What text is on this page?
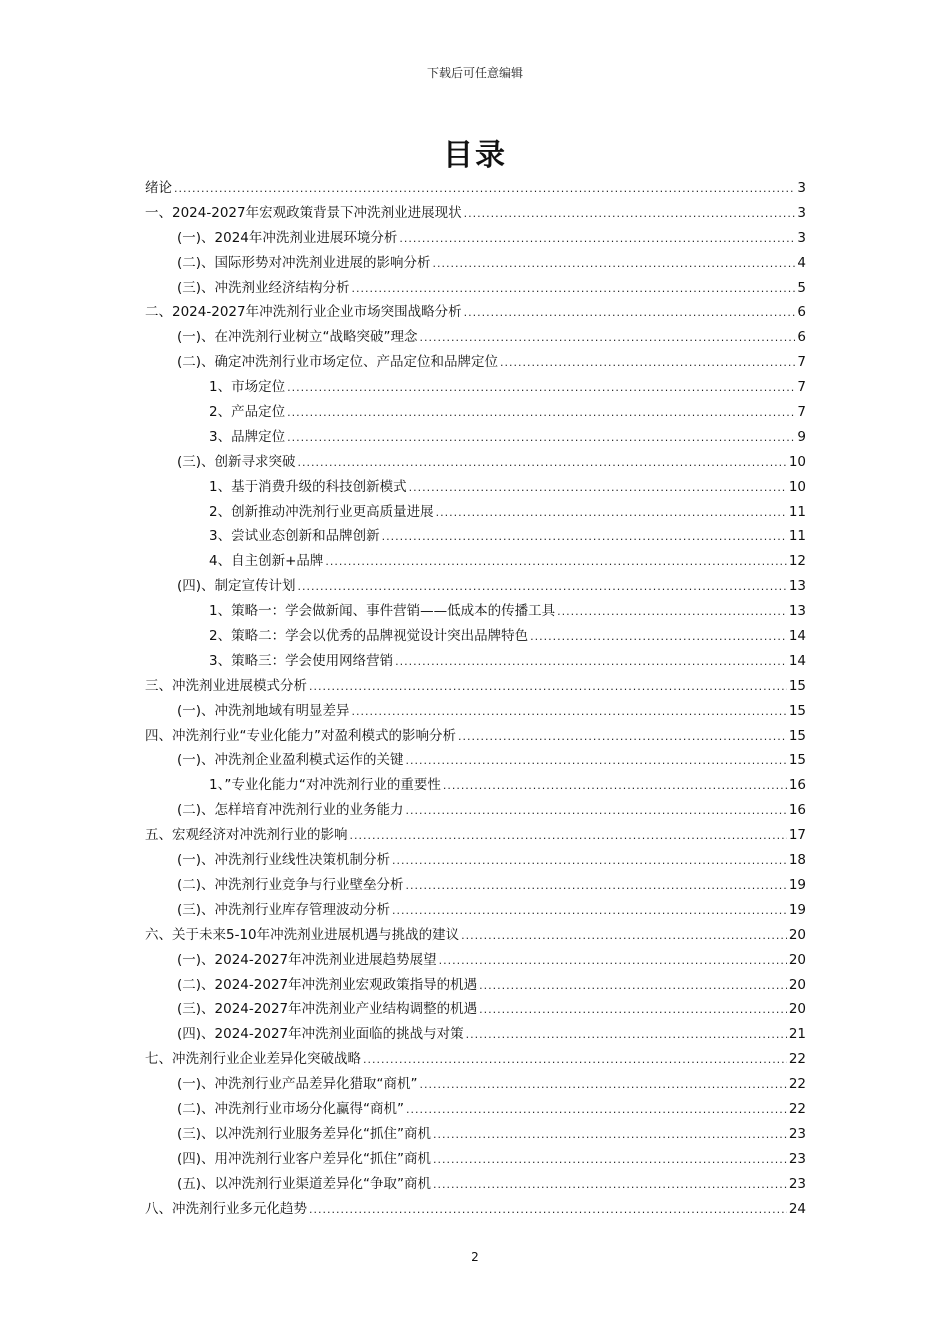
下载后可任意编辑
目录
绪论 .....	3
一、2024-2027年宏观政策背景下冲洗剂业进展现状 .....	3
(一)、2024年冲洗剂业进展环境分析 .....	3
(二)、国际形势对冲洗剂业进展的影响分析 .....	4
(三)、冲洗剂业经济结构分析 .....	5
二、2024-2027年冲洗剂行业企业市场突围战略分析 .....	6
(一)、在冲洗剂行业树立“战略突破”理念 .....	6
(二)、确定冲洗剂行业市场定位、产品定位和品牌定位 .....	7
1、市场定位 .....	7
2、产品定位 .....	7
3、品牌定位 .....	9
(三)、创新寻求突破 .....	10
1、基于消费升级的科技创新模式 .....	10
2、创新推动冲洗剂行业更高质量进展 .....	11
3、尝试业态创新和品牌创新 .....	11
4、自主创新+品牌 .....	12
(四)、制定宣传计划 .....	13
1、策略一：学会做新闻、事件营销——低成本的传播工具 .....	13
2、策略二：学会以优秀的品牌视觉设计突出品牌特色 .....	14
3、策略三：学会使用网络营销 .....	14
三、冲洗剂业进展模式分析 .....	15
(一)、冲洗剂地域有明显差异 .....	15
四、冲洗剂行业“专业化能力”对盈利模式的影响分析 .....	15
(一)、冲洗剂企业盈利模式运作的关键 .....	15
1、”专业化能力“对冲洗剂行业的重要性 .....	16
(二)、怎样培育冲洗剂行业的业务能力 .....	16
五、宏观经济对冲洗剂行业的影响 .....	17
(一)、冲洗剂行业线性决策机制分析 .....	18
(二)、冲洗剂行业竞争与行业壁垒分析 .....	19
(三)、冲洗剂行业库存管理波动分析 .....	19
六、关于未来5-10年冲洗剂业进展机遇与挑战的建议 .....	20
(一)、2024-2027年冲洗剂业进展趋势展望 .....	20
(二)、2024-2027年冲洗剂业宏观政策指导的机遇 .....	20
(三)、2024-2027年冲洗剂业产业结构调整的机遇 .....	20
(四)、2024-2027年冲洗剂业面临的挑战与对策 .....	21
七、冲洗剂行业企业差异化突破战略 .....	22
(一)、冲洗剂行业产品差异化猎取“商机” .....	22
(二)、冲洗剂行业市场分化赢得“商机” .....	22
(三)、以冲洗剂行业服务差异化“抓住”商机 .....	23
(四)、用冲洗剂行业客户差异化“抓住”商机 .....	23
(五)、以冲洗剂行业渠道差异化“争取”商机 .....	23
八、冲洗剂行业多元化趋势 .....	24
2
